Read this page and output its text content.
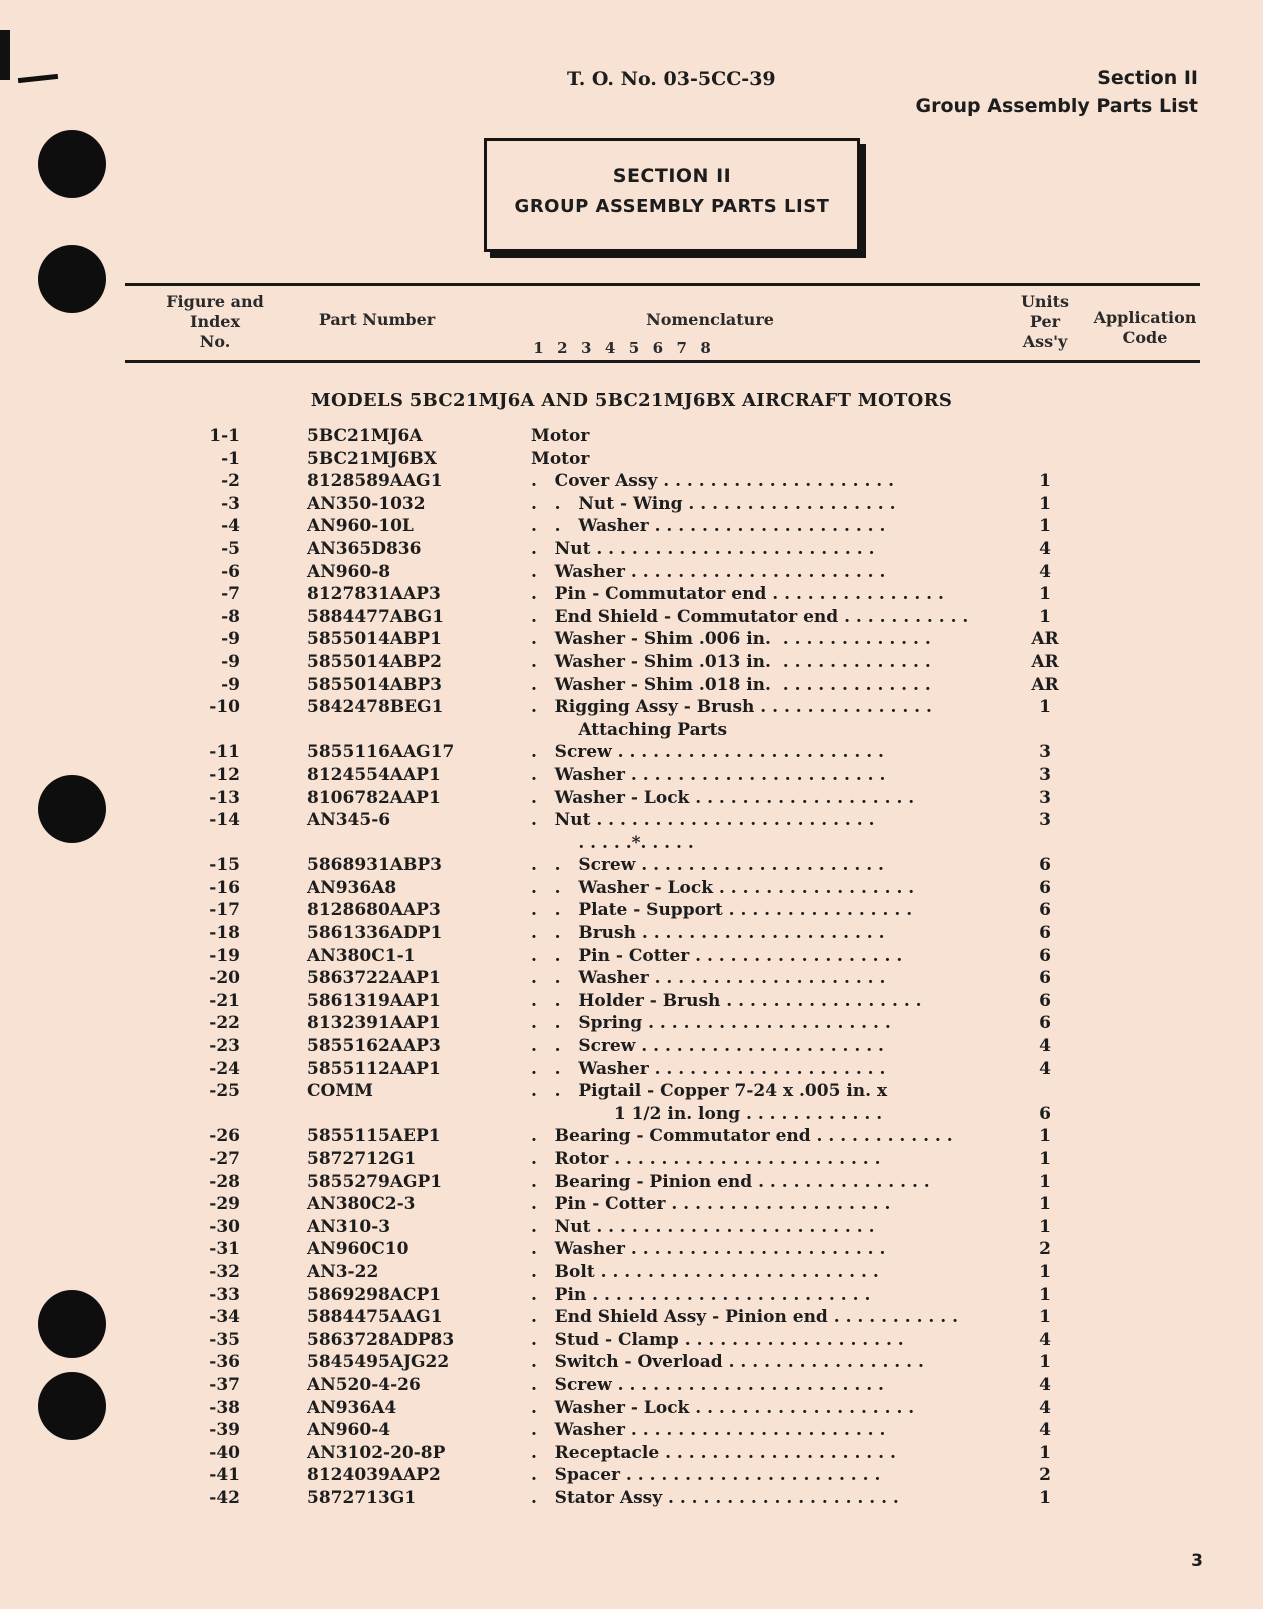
T. O. No. 03-5CC-39	Section II
Group Assembly Parts List
SECTION II
GROUP ASSEMBLY PARTS LIST
Figure and
Index
No.
Part Number	Nomenclature
1  2  3  4  5  6  7  8
Units
Per
Ass'y
Application
Code
MODELS 5BC21MJ6A AND 5BC21MJ6BX AIRCRAFT MOTORS
1-1	5BC21MJ6A	Motor
-1	5BC21MJ6BX	Motor
-2	8128589AAG1	.   Cover Assy . . . . . . . . . . . . . . . . . . . .	1
-3	AN350-1032	.   .   Nut - Wing . . . . . . . . . . . . . . . . . .	1
-4	AN960-10L	.   .   Washer . . . . . . . . . . . . . . . . . . . .	1
-5	AN365D836	.   Nut . . . . . . . . . . . . . . . . . . . . . . . .	4
-6	AN960-8	.   Washer . . . . . . . . . . . . . . . . . . . . . .	4
-7	8127831AAP3	.   Pin - Commutator end . . . . . . . . . . . . . . .	1
-8	5884477ABG1	.   End Shield - Commutator end . . . . . . . . . . .	1
-9	5855014ABP1	.   Washer - Shim .006 in.  . . . . . . . . . . . . .	AR
-9	5855014ABP2	.   Washer - Shim .013 in.  . . . . . . . . . . . . .	AR
-9	5855014ABP3	.   Washer - Shim .018 in.  . . . . . . . . . . . . .	AR
-10	5842478BEG1	.   Rigging Assy - Brush . . . . . . . . . . . . . . .	1
Attaching Parts
-11	5855116AAG17	.   Screw . . . . . . . . . . . . . . . . . . . . . . .	3
-12	8124554AAP1	.   Washer . . . . . . . . . . . . . . . . . . . . . .	3
-13	8106782AAP1	.   Washer - Lock . . . . . . . . . . . . . . . . . . .	3
-14	AN345-6	.   Nut . . . . . . . . . . . . . . . . . . . . . . . .	3
. . . . .*. . . . .
-15	5868931ABP3	.   .   Screw . . . . . . . . . . . . . . . . . . . . .	6
-16	AN936A8	.   .   Washer - Lock . . . . . . . . . . . . . . . . .	6
-17	8128680AAP3	.   .   Plate - Support . . . . . . . . . . . . . . . .	6
-18	5861336ADP1	.   .   Brush . . . . . . . . . . . . . . . . . . . . .	6
-19	AN380C1-1	.   .   Pin - Cotter . . . . . . . . . . . . . . . . . .	6
-20	5863722AAP1	.   .   Washer . . . . . . . . . . . . . . . . . . . .	6
-21	5861319AAP1	.   .   Holder - Brush . . . . . . . . . . . . . . . . .	6
-22	8132391AAP1	.   .   Spring . . . . . . . . . . . . . . . . . . . . .	6
-23	5855162AAP3	.   .   Screw . . . . . . . . . . . . . . . . . . . . .	4
-24	5855112AAP1	.   .   Washer . . . . . . . . . . . . . . . . . . . .	4
-25	COMM	.   .   Pigtail - Copper 7-24 x .005 in. x
1 1/2 in. long . . . . . . . . . . . .	6
-26	5855115AEP1	.   Bearing - Commutator end . . . . . . . . . . . .	1
-27	5872712G1	.   Rotor . . . . . . . . . . . . . . . . . . . . . . .	1
-28	5855279AGP1	.   Bearing - Pinion end . . . . . . . . . . . . . . .	1
-29	AN380C2-3	.   Pin - Cotter . . . . . . . . . . . . . . . . . . .	1
-30	AN310-3	.   Nut . . . . . . . . . . . . . . . . . . . . . . . .	1
-31	AN960C10	.   Washer . . . . . . . . . . . . . . . . . . . . . .	2
-32	AN3-22	.   Bolt . . . . . . . . . . . . . . . . . . . . . . . .	1
-33	5869298ACP1	.   Pin . . . . . . . . . . . . . . . . . . . . . . . .	1
-34	5884475AAG1	.   End Shield Assy - Pinion end . . . . . . . . . . .	1
-35	5863728ADP83	.   Stud - Clamp . . . . . . . . . . . . . . . . . . .	4
-36	5845495AJG22	.   Switch - Overload . . . . . . . . . . . . . . . . .	1
-37	AN520-4-26	.   Screw . . . . . . . . . . . . . . . . . . . . . . .	4
-38	AN936A4	.   Washer - Lock . . . . . . . . . . . . . . . . . . .	4
-39	AN960-4	.   Washer . . . . . . . . . . . . . . . . . . . . . .	4
-40	AN3102-20-8P	.   Receptacle . . . . . . . . . . . . . . . . . . . .	1
-41	8124039AAP2	.   Spacer . . . . . . . . . . . . . . . . . . . . . .	2
-42	5872713G1	.   Stator Assy . . . . . . . . . . . . . . . . . . . .	1
3
